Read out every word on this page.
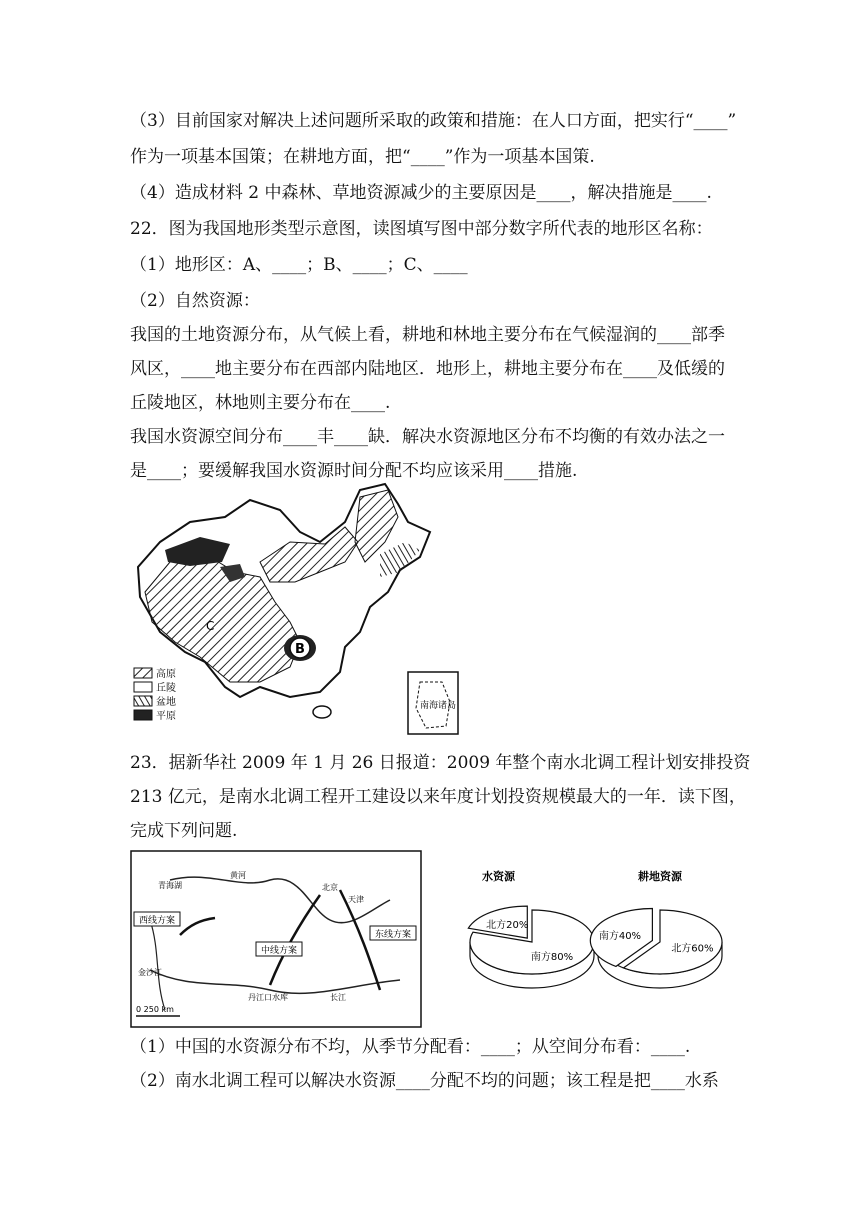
（3）目前国家对解决上述问题所采取的政策和措施：在人口方面，把实行“____”
作为一项基本国策；在耕地方面，把“____”作为一项基本国策.
（4）造成材料 2 中森林、草地资源减少的主要原因是____，解决措施是____.
22．图为我国地形类型示意图，读图填写图中部分数字所代表的地形区名称：
（1）地形区：A、____；B、____；C、____
（2）自然资源：
我国的土地资源分布，从气候上看，耕地和林地主要分布在气候湿润的____部季
风区，____地主要分布在西部内陆地区．地形上，耕地主要分布在____及低缓的
丘陵地区，林地则主要分布在____.
我国水资源空间分布____丰____缺．解决水资源地区分布不均衡的有效办法之一
是____；要缓解我国水资源时间分配不均应该采用____措施.
B
C
高原
丘陵
盆地
平原
南海诸岛
23．据新华社 2009 年 1 月 26 日报道：2009 年整个南水北调工程计划安排投资
213 亿元，是南水北调工程开工建设以来年度计划投资规模最大的一年．读下图，
完成下列问题.
西线方案
中线方案
东线方案
青海湖	北京
天津
丹江口水库
金沙江
长江
黄河
0 250 km
水资源	耕地资源
南方80%
北方20%
北方60%
南方40%
（1）中国的水资源分布不均，从季节分配看：____；从空间分布看：____.
（2）南水北调工程可以解决水资源____分配不均的问题；该工程是把____水系
